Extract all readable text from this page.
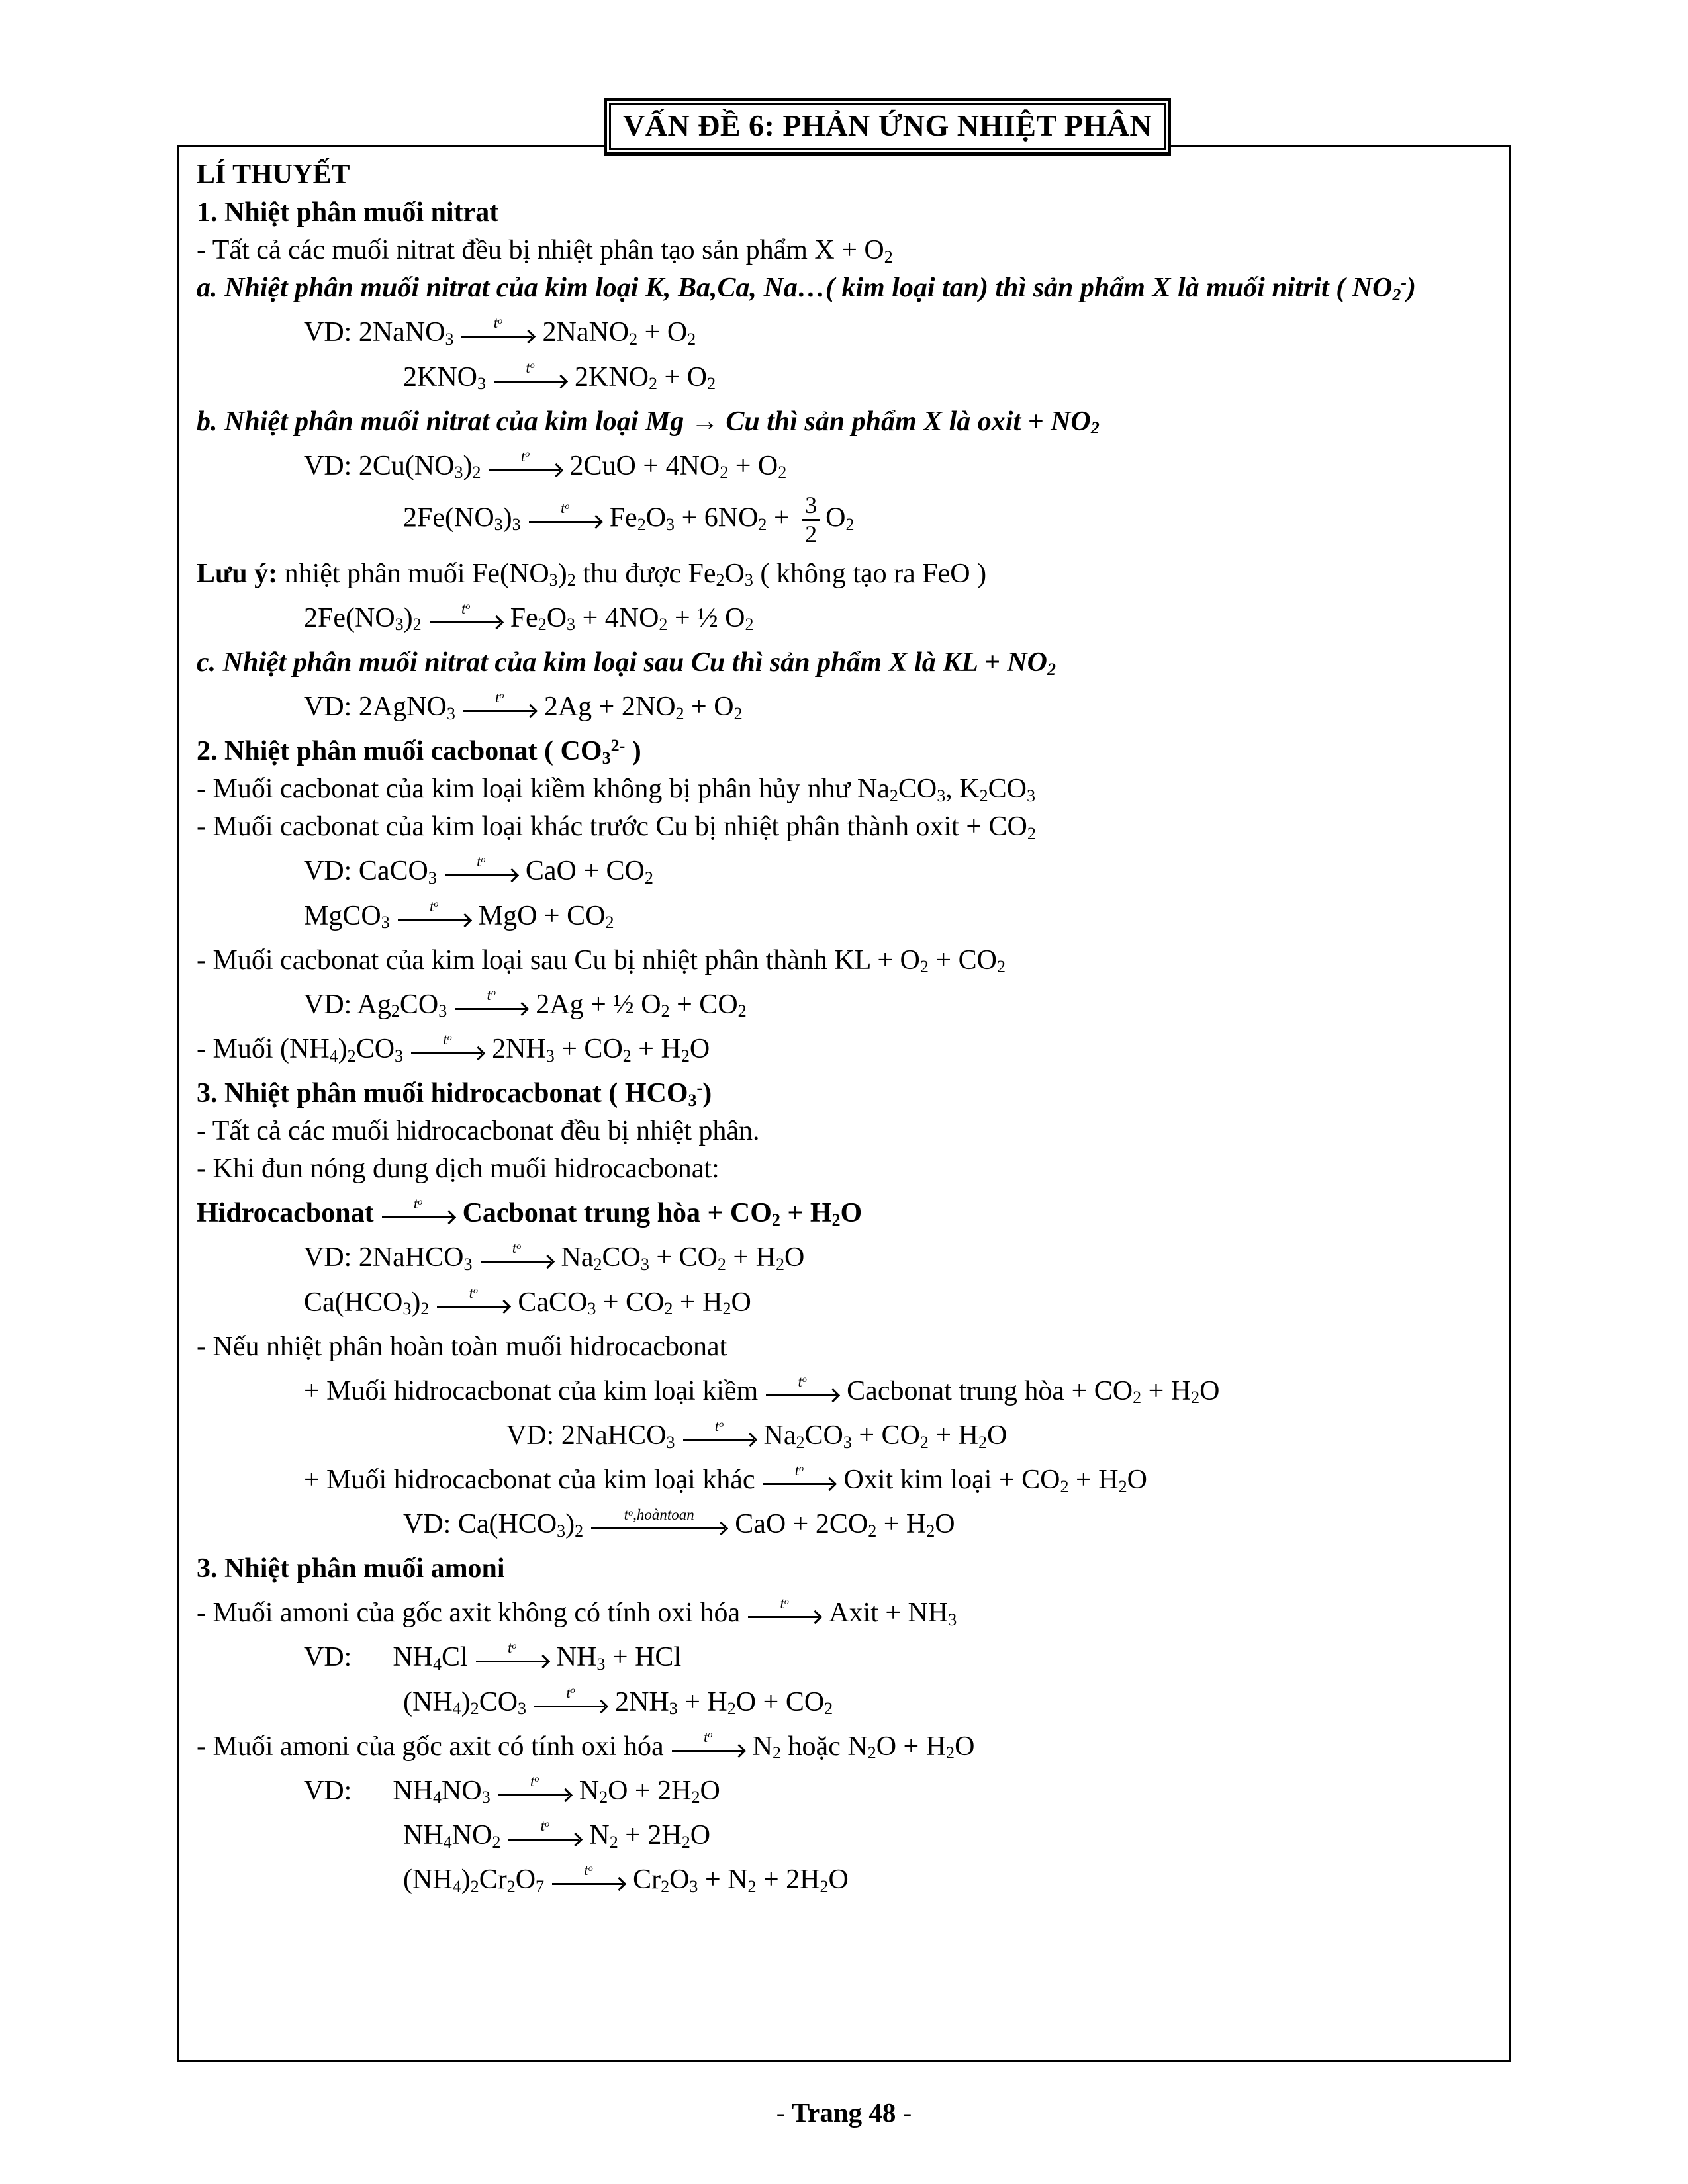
VẤN ĐỀ 6: PHẢN ỨNG NHIỆT PHÂN
LÍ THUYẾT
1. Nhiệt phân muối nitrat
- Tất cả các muối nitrat đều bị nhiệt phân tạo sản phẩm $X + O_2$
a. Nhiệt phân muối nitrat của kim loại K, Ba,Ca, Na…( kim loại tan) thì sản phẩm X là muối nitrit ( $NO_2^-$)
VD: 2NaNO$_3$
$t^o$	2NaNO$_2$ + $O_2$
$2KNO_3$
$t^o$	$2KNO_2 + O_2$
b. Nhiệt phân muối nitrat của kim loại Mg → Cu thì sản phẩm X là oxit + $NO_2$
VD: $2Cu(NO_3)_2$
$t^o$	$2CuO + 4NO_2 + O_2$
$2Fe(NO_3)_3$
$t^o$	$Fe_2O_3 + 6NO_2 + \frac{3}{2} O_2$
Lưu ý: nhiệt phân muối $Fe(NO_3)_2$ thu được $Fe_2O_3$ ( không tạo ra FeO )
$2Fe(NO_3)_2$
$t^o$	$Fe_2O_3 + 4NO_2$ + ½ $O_2$
c. Nhiệt phân muối nitrat của kim loại sau Cu thì sản phẩm X là KL + $NO_2$
VD: 2AgNO$_3$
$t^o$	$2Ag + 2NO_2 + O_2$
2. Nhiệt phân muối cacbonat ( $CO_3^{2-}$ )
- Muối cacbonat của kim loại kiềm không bị phân hủy như $Na_2CO_3$, $K_2CO_3$
- Muối cacbonat của kim loại khác trước Cu bị nhiệt phân thành oxit + $CO_2$
VD: CaCO$_3$
$t^o$	CaO + $CO_2$
MgCO$_3$
$t^o$	MgO + $CO_2$
- Muối cacbonat của kim loại sau Cu bị nhiệt phân thành KL + $O_2 + CO_2$
VD: $Ag_2CO_3$
$t^o$	2Ag + ½ $O_2 + CO_2$
- Muối $(NH_4)_2CO_3$
$t^o$	$2NH_3 + CO_2 + H_2O$
3. Nhiệt phân muối hidrocacbonat ( $HCO_3^-$)
- Tất cả các muối hidrocacbonat đều bị nhiệt phân.
- Khi đun nóng dung dịch muối hidrocacbonat:
Hidrocacbonat	$t^o$	Cacbonat trung hòa + $CO_2 + H_2O$
VD: 2NaHCO$_3$
$t^o$	$Na_2CO_3 + CO_2 + H_2O$
$Ca(HCO_3)_2$
$t^o$	CaCO$_3$ + $CO_2 + H_2O$
- Nếu nhiệt phân hoàn toàn muối hidrocacbonat
+ Muối hidrocacbonat của kim loại kiềm	$t^o$	Cacbonat trung hòa + $CO_2 + H_2O$
VD: 2NaHCO$_3$
$t^o$	$Na_2CO_3 + CO_2 + H_2O$
+ Muối hidrocacbonat của kim loại khác	$t^o$	Oxit kim loại + $CO_2 + H_2O$
VD: $Ca(HCO_3)_2$
$t^o,hoàntoan$	CaO + $2CO_2 + H_2O$
3. Nhiệt phân muối amoni
- Muối amoni của gốc axit không có tính oxi hóa	$t^o$	Axit + $NH_3$
VD: $NH_4Cl$	$t^o$	$NH_3$ + HCl
$(NH_4)_2CO_3$
$t^o$	$2NH_3 + H_2O + CO_2$
- Muối amoni của gốc axit có tính oxi hóa	$t^o$	$N_2$ hoặc $N_2O + H_2O$
VD: $NH_4NO_3$
$t^o$	$N_2O + 2H_2O$
$NH_4NO_2$
$t^o$	$N_2 + 2H_2O$
$(NH_4)_2Cr_2O_7$
$t^o$	$Cr_2O_3 + N_2 + 2H_2O$
- Trang 48 -
